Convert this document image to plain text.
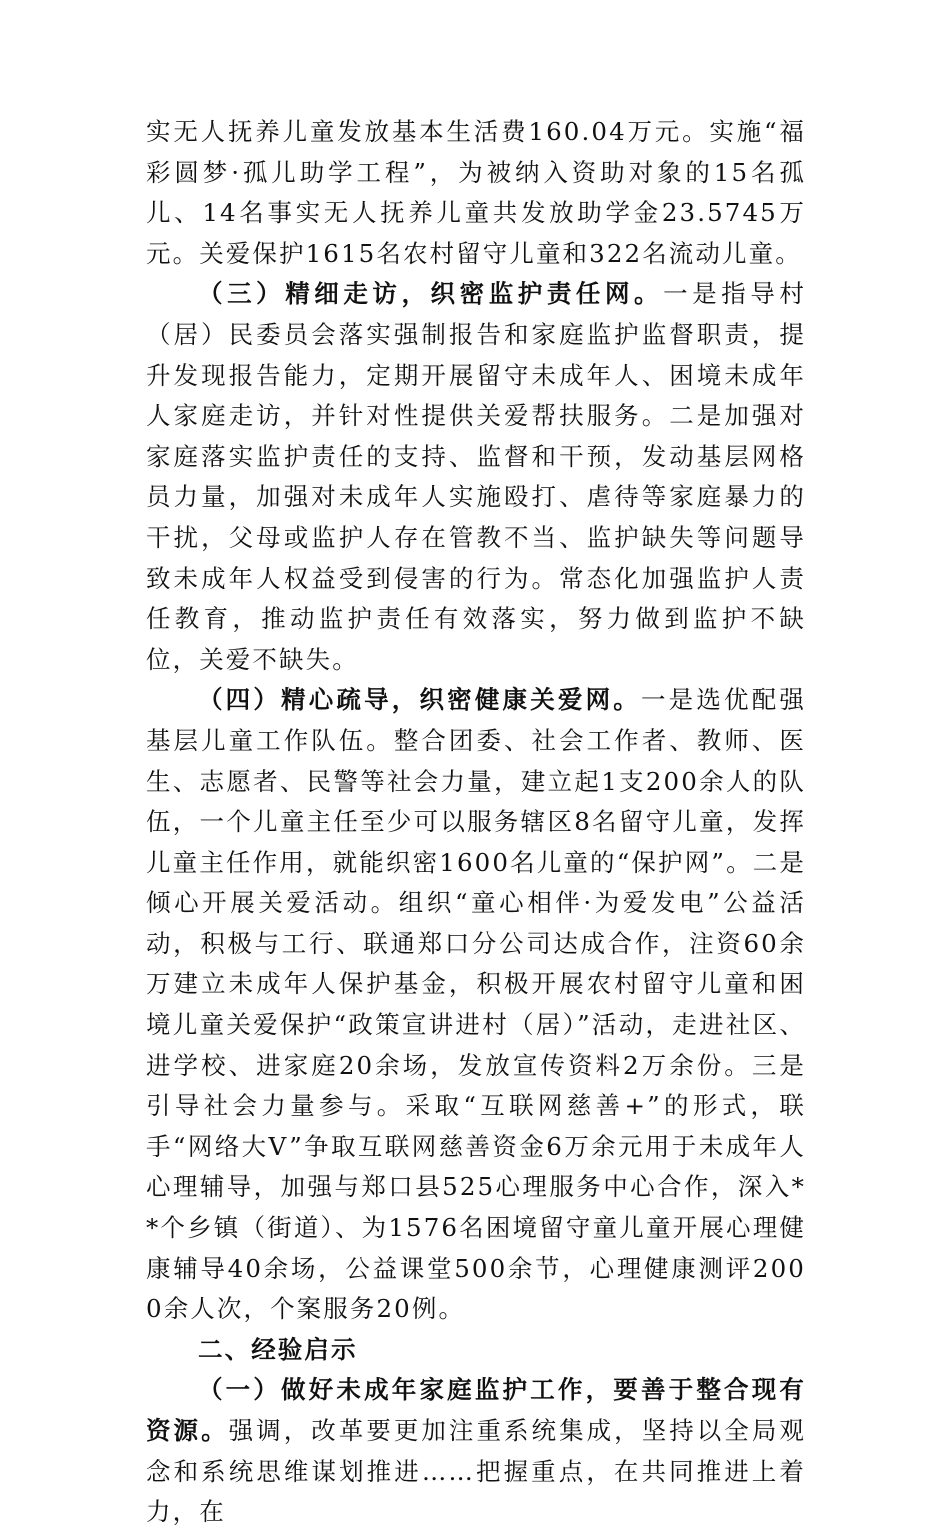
实无人抚养儿童发放基本生活费160.04万元。实施“福彩圆梦·孤儿助学工程”，为被纳入资助对象的15名孤儿、14名事实无人抚养儿童共发放助学金23.5745万元。关爱保护1615名农村留守儿童和322名流动儿童。

（三）精细走访，织密监护责任网。一是指导村（居）民委员会落实强制报告和家庭监护监督职责，提升发现报告能力，定期开展留守未成年人、困境未成年人家庭走访，并针对性提供关爱帮扶服务。二是加强对家庭落实监护责任的支持、监督和干预，发动基层网格员力量，加强对未成年人实施殴打、虐待等家庭暴力的干扰，父母或监护人存在管教不当、监护缺失等问题导致未成年人权益受到侵害的行为。常态化加强监护人责任教育，推动监护责任有效落实，努力做到监护不缺位，关爱不缺失。

（四）精心疏导，织密健康关爱网。一是选优配强基层儿童工作队伍。整合团委、社会工作者、教师、医生、志愿者、民警等社会力量，建立起1支200余人的队伍，一个儿童主任至少可以服务辖区8名留守儿童，发挥儿童主任作用，就能织密1600名儿童的“保护网”。二是倾心开展关爱活动。组织“童心相伴·为爱发电”公益活动，积极与工行、联通郑口分公司达成合作，注资60余万建立未成年人保护基金，积极开展农村留守儿童和困境儿童关爱保护“政策宣讲进村（居）”活动，走进社区、进学校、进家庭20余场，发放宣传资料2万余份。三是引导社会力量参与。采取“互联网慈善+”的形式，联手“网络大V”争取互联网慈善资金6万余元用于未成年人心理辅导，加强与郑口县525心理服务中心合作，深入**个乡镇（街道）、为1576名困境留守童儿童开展心理健康辅导40余场，公益课堂500余节，心理健康测评2000余人次，个案服务20例。

二、经验启示

（一）做好未成年家庭监护工作，要善于整合现有资源。强调，改革要更加注重系统集成，坚持以全局观念和系统思维谋划推进……把握重点，在共同推进上着力，在
